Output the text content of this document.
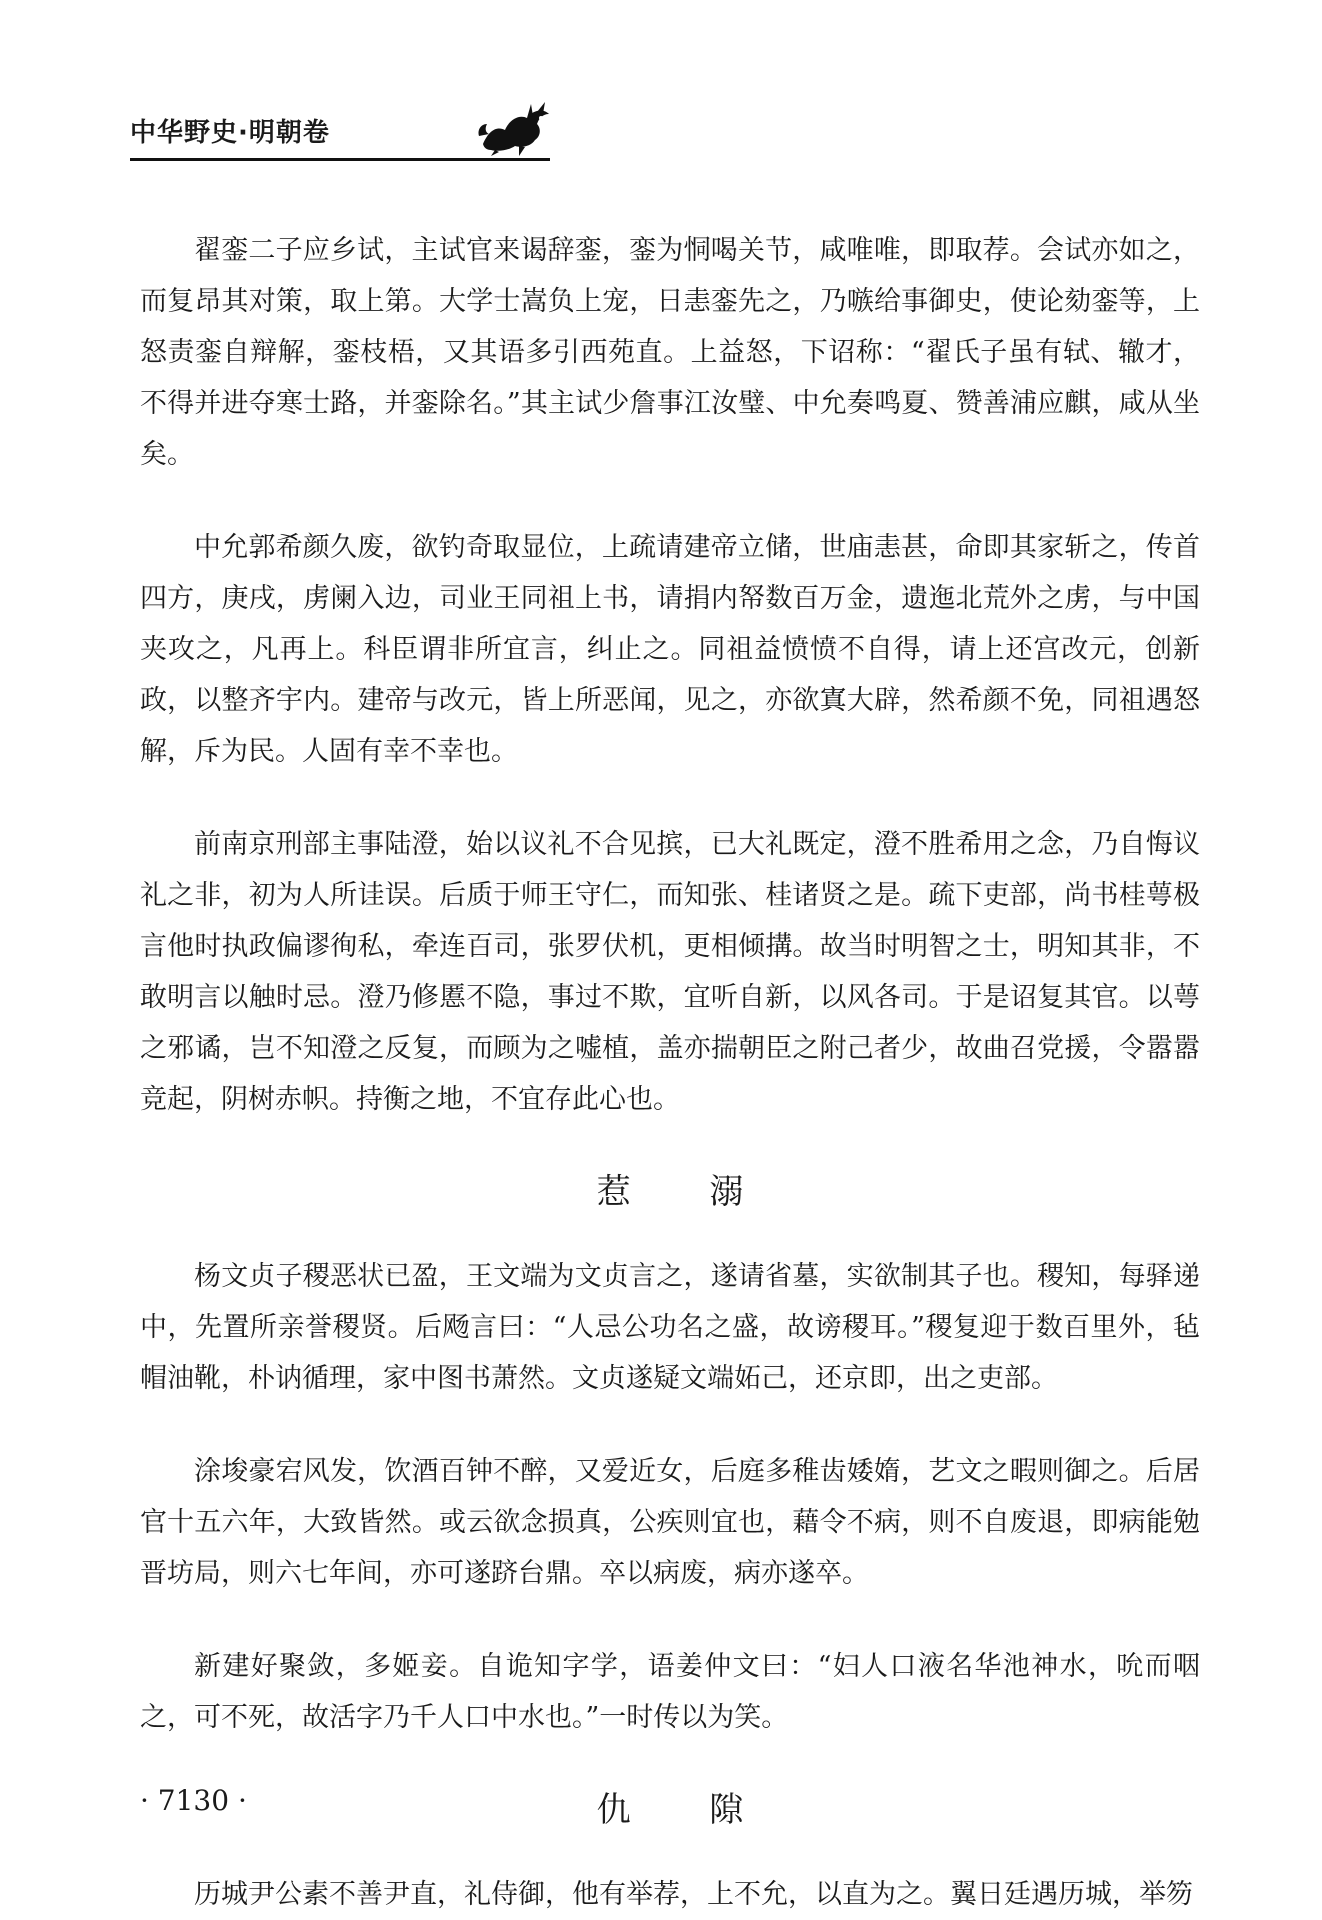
中华野史·明朝卷

翟銮二子应乡试，主试官来谒辞銮，銮为恫喝关节，咸唯唯，即取荐。会试亦如之，而复昂其对策，取上第。大学士嵩负上宠，日恚銮先之，乃嗾给事御史，使论劾銮等，上怒责銮自辩解，銮枝梧，又其语多引西苑直。上益怒，下诏称：“翟氏子虽有轼、辙才，不得并进夺寒士路，并銮除名。”其主试少詹事江汝璧、中允奏鸣夏、赞善浦应麒，咸从坐矣。

中允郭希颜久废，欲钓奇取显位，上疏请建帝立储，世庙恚甚，命即其家斩之，传首四方，庚戌，虏阑入边，司业王同祖上书，请捐内帑数百万金，遗迤北荒外之虏，与中国夹攻之，凡再上。科臣谓非所宜言，纠止之。同祖益愤愤不自得，请上还宫改元，创新政，以整齐宇内。建帝与改元，皆上所恶闻，见之，亦欲寘大辟，然希颜不免，同祖遇怒解，斥为民。人固有幸不幸也。

前南京刑部主事陆澄，始以议礼不合见摈，已大礼既定，澄不胜希用之念，乃自悔议礼之非，初为人所诖误。后质于师王守仁，而知张、桂诸贤之是。疏下吏部，尚书桂萼极言他时执政偏谬徇私，牵连百司，张罗伏机，更相倾搆。故当时明智之士，明知其非，不敢明言以触时忌。澄乃修慝不隐，事过不欺，宜听自新，以风各司。于是诏复其官。以萼之邪谲，岂不知澄之反复，而顾为之嘘植，盖亦揣朝臣之附己者少，故曲召党援，令嚣嚣竞起，阴树赤帜。持衡之地，不宜存此心也。

惹 溺

杨文贞子稷恶状已盈，王文端为文贞言之，遂请省墓，实欲制其子也。稷知，每驿递中，先置所亲誉稷贤。后飏言曰：“人忌公功名之盛，故谤稷耳。”稷复迎于数百里外，毡帽油靴，朴讷循理，家中图书萧然。文贞遂疑文端妬己，还京即，出之吏部。

涂埈豪宕风发，饮酒百钟不醉，又爱近女，后庭多稚齿婑媠，艺文之暇则御之。后居官十五六年，大致皆然。或云欲念损真，公疾则宜也，藉令不病，则不自废退，即病能勉晋坊局，则六七年间，亦可遂跻台鼎。卒以病废，病亦遂卒。

新建好聚敛，多姬妾。自诡知字学，语姜仲文曰：“妇人口液名华池神水，吮而咽之，可不死，故活字乃千人口中水也。”一时传以为笑。

仇 隙

历城尹公素不善尹直，礼侍御，他有举荐，上不允，以直为之。翼日廷遇历城，举笏

· 7130 ·
